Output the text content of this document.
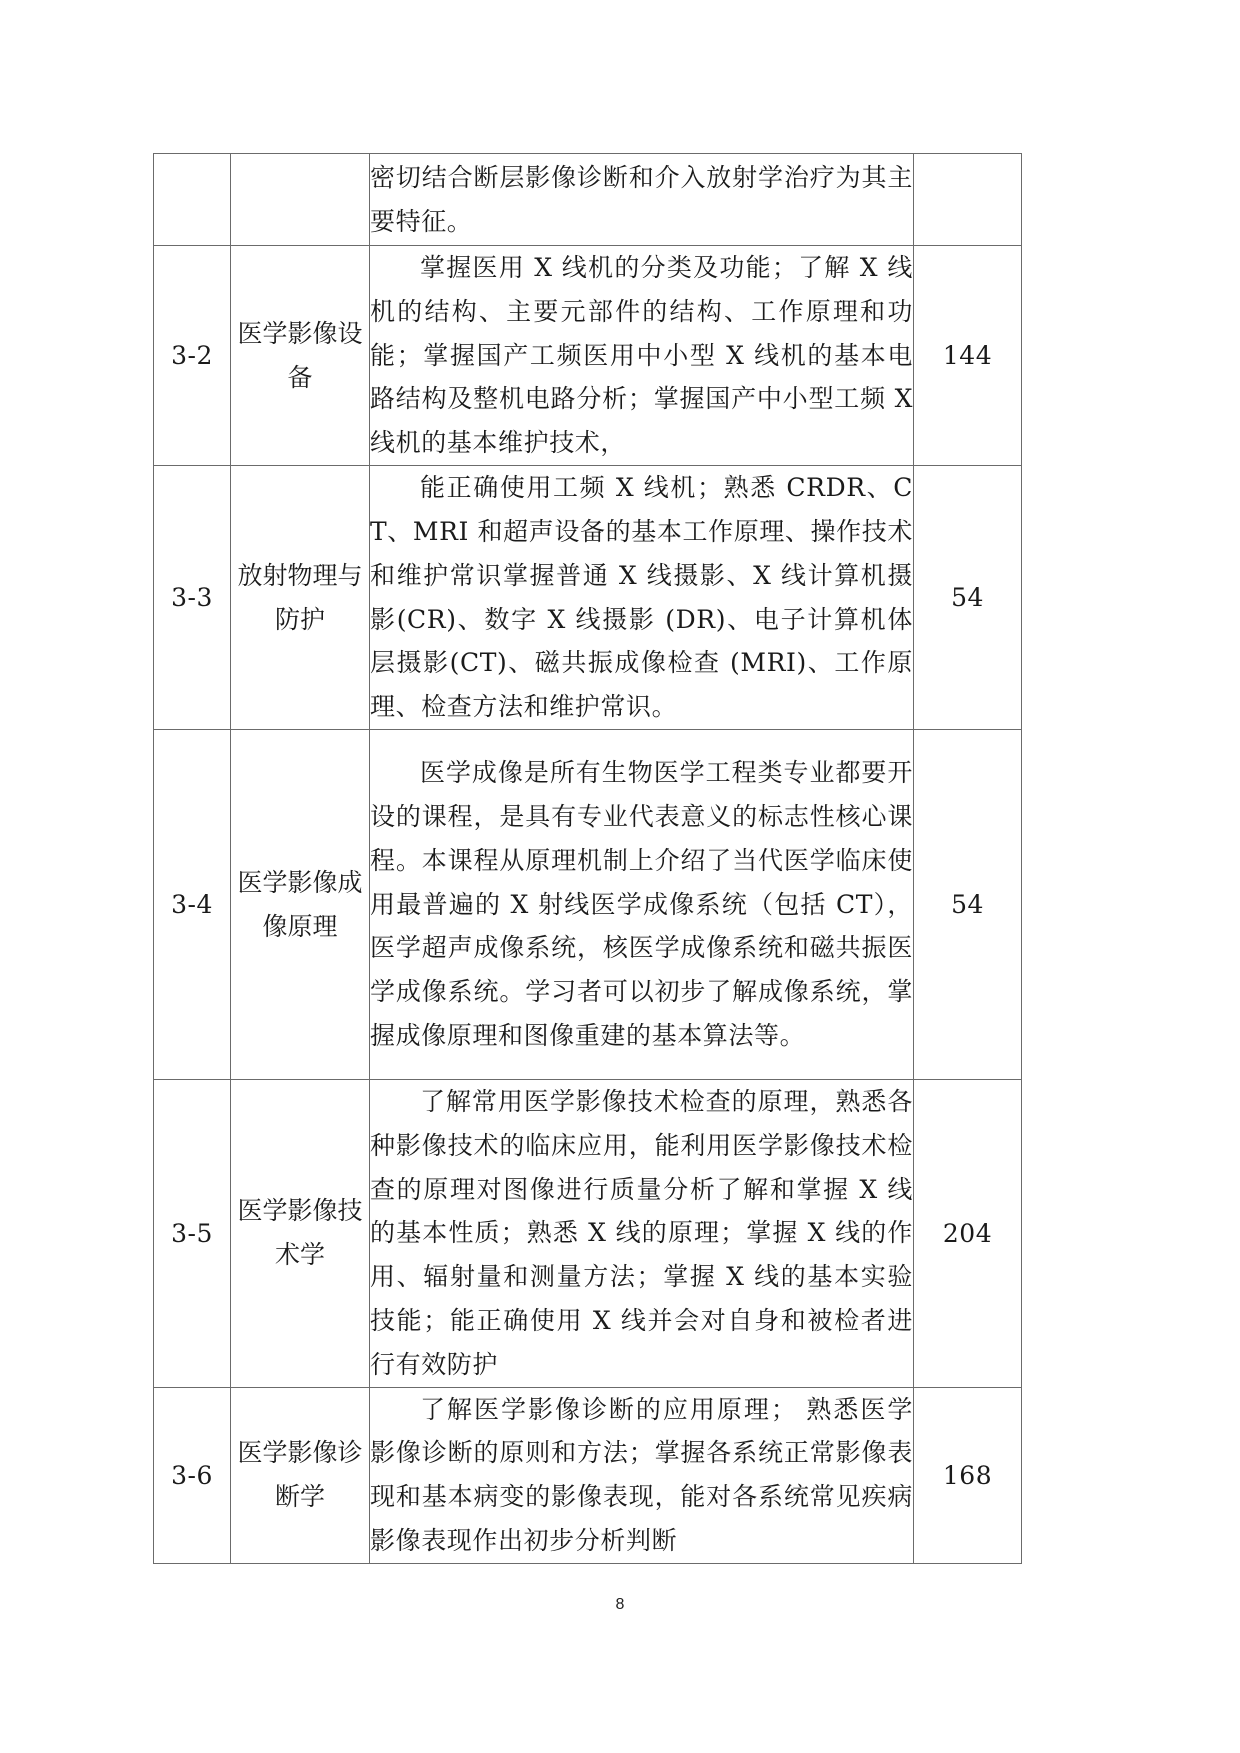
		密切结合断层影像诊断和介入放射学治疗为其主要特征。	
3-2	医学影像设备	掌握医用 X 线机的分类及功能；了解 X 线机的结构、主要元部件的结构、工作原理和功能；掌握国产工频医用中小型 X 线机的基本电路结构及整机电路分析；掌握国产中小型工频 X 线机的基本维护技术，	144
3-3	放射物理与防护	能正确使用工频 X 线机；熟悉 CRDR、CT、MRI 和超声设备的基本工作原理、操作技术和维护常识掌握普通 X 线摄影、X 线计算机摄影(CR)、数字 X 线摄影 (DR)、电子计算机体层摄影(CT)、磁共振成像检查 (MRI)、工作原理、检查方法和维护常识。	54
3-4	医学影像成像原理	医学成像是所有生物医学工程类专业都要开设的课程，是具有专业代表意义的标志性核心课程。本课程从原理机制上介绍了当代医学临床使用最普遍的 X 射线医学成像系统（包括 CT），医学超声成像系统，核医学成像系统和磁共振医学成像系统。学习者可以初步了解成像系统，掌握成像原理和图像重建的基本算法等。	54
3-5	医学影像技术学	了解常用医学影像技术检查的原理，熟悉各种影像技术的临床应用，能利用医学影像技术检查的原理对图像进行质量分析了解和掌握 X 线的基本性质；熟悉 X 线的原理；掌握 X 线的作用、辐射量和测量方法；掌握 X 线的基本实验技能；能正确使用 X 线并会对自身和被检者进行有效防护	204
3-6	医学影像诊断学	了解医学影像诊断的应用原理； 熟悉医学影像诊断的原则和方法；掌握各系统正常影像表现和基本病变的影像表现，能对各系统常见疾病影像表现作出初步分析判断	168
8
